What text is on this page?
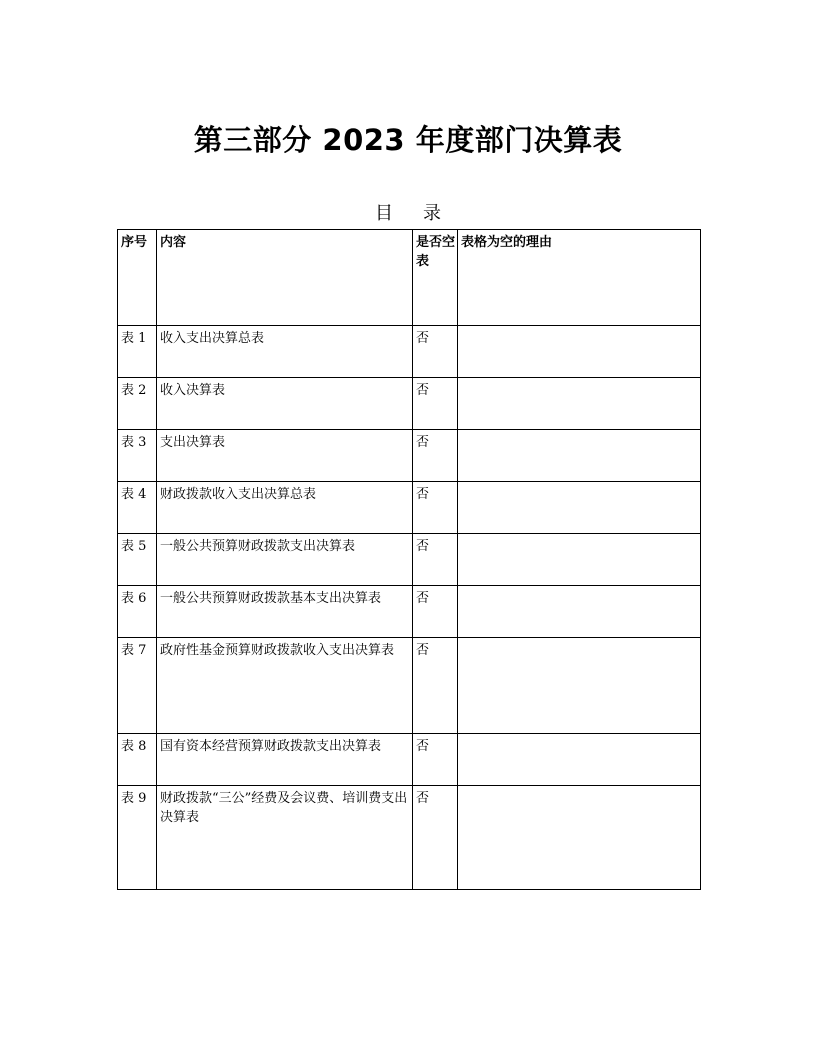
第三部分 2023 年度部门决算表
目录
序号	内容	是否空表	表格为空的理由
表 1	收入支出决算总表	否	
表 2	收入决算表	否	
表 3	支出决算表	否	
表 4	财政拨款收入支出决算总表	否	
表 5	一般公共预算财政拨款支出决算表	否	
表 6	一般公共预算财政拨款基本支出决算表	否	
表 7	政府性基金预算财政拨款收入支出决算表	否	
表 8	国有资本经营预算财政拨款支出决算表	否	
表 9	财政拨款“三公”经费及会议费、培训费支出决算表	否	
